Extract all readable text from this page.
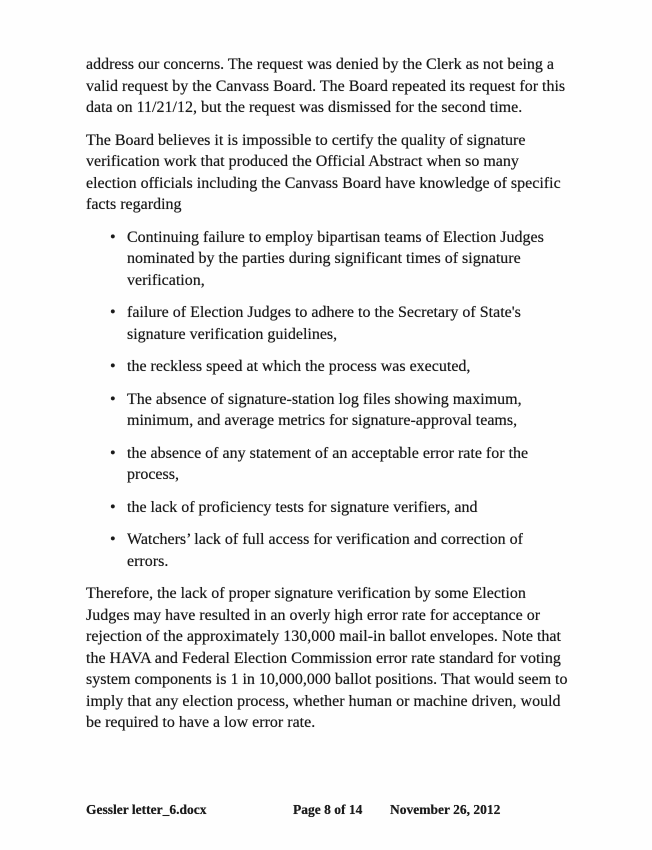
address our concerns. The request was denied by the Clerk as not being a valid request by the Canvass Board. The Board repeated its request for this data on 11/21/12, but the request was dismissed for the second time.

The Board believes it is impossible to certify the quality of signature verification work that produced the Official Abstract when so many election officials including the Canvass Board have knowledge of specific facts regarding

• Continuing failure to employ bipartisan teams of Election Judges nominated by the parties during significant times of signature verification,
• failure of Election Judges to adhere to the Secretary of State's signature verification guidelines,
• the reckless speed at which the process was executed,
• The absence of signature-station log files showing maximum, minimum, and average metrics for signature-approval teams,
• the absence of any statement of an acceptable error rate for the process,
• the lack of proficiency tests for signature verifiers, and
• Watchers’ lack of full access for verification and correction of errors.

Therefore, the lack of proper signature verification by some Election Judges may have resulted in an overly high error rate for acceptance or rejection of the approximately 130,000 mail-in ballot envelopes. Note that the HAVA and Federal Election Commission error rate standard for voting system components is 1 in 10,000,000 ballot positions. That would seem to imply that any election process, whether human or machine driven, would be required to have a low error rate.

Gessler letter_6.docx	Page 8 of 14 November 26, 2012
